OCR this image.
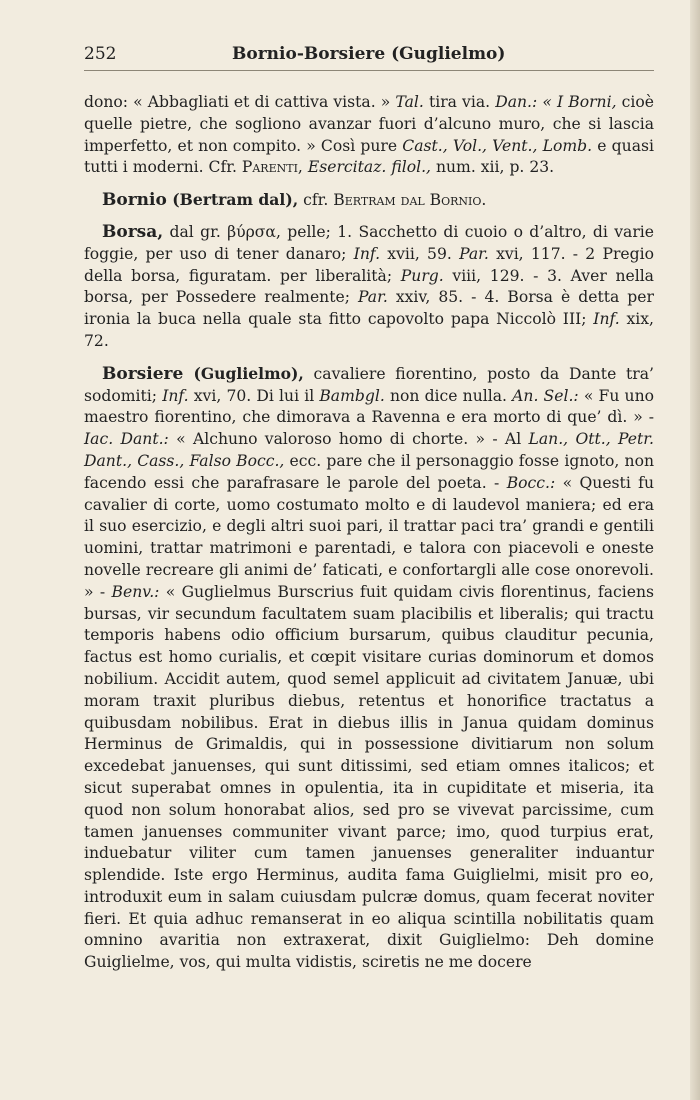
252	Bornio-Borsiere (Guglielmo)

dono: « Abbagliati et di cattiva vista. » Tal. tira via. Dan.: « I Borni, cioè quelle pietre, che sogliono avanzar fuori d’alcuno muro, che si lascia imperfetto, et non compito. » Così pure Cast., Vol., Vent., Lomb. e quasi tutti i moderni. Cfr. Parenti, Esercitaz. filol., num. xii, p. 23.

Bornio (Bertram dal), cfr. Bertram dal Bornio.

Borsa, dal gr. βύρσα, pelle; 1. Sacchetto di cuoio o d’altro, di varie foggie, per uso di tener danaro; Inf. xvii, 59. Par. xvi, 117. - 2 Pregio della borsa, figuratam. per liberalità; Purg. viii, 129. - 3. Aver nella borsa, per Possedere realmente; Par. xxiv, 85. - 4. Borsa è detta per ironia la buca nella quale sta fitto capovolto papa Niccolò III; Inf. xix, 72.

Borsiere (Guglielmo), cavaliere fiorentino, posto da Dante tra’ sodomiti; Inf. xvi, 70. Di lui il Bambgl. non dice nulla. An. Sel.: « Fu uno maestro fiorentino, che dimorava a Ravenna e era morto di que’ dì. » - Iac. Dant.: « Alchuno valoroso homo di chorte. » - Al Lan., Ott., Petr. Dant., Cass., Falso Bocc., ecc. pare che il personaggio fosse ignoto, non facendo essi che parafrasare le parole del poeta. - Bocc.: « Questi fu cavalier di corte, uomo costumato molto e di laudevol maniera; ed era il suo esercizio, e degli altri suoi pari, il trattar paci tra’ grandi e gentili uomini, trattar matrimoni e parentadi, e talora con piacevoli e oneste novelle recreare gli animi de’ faticati, e confortargli alle cose onorevoli. » - Benv.: « Guglielmus Burscrius fuit quidam civis florentinus, faciens bursas, vir secundum facultatem suam placibilis et liberalis; qui tractu temporis habens odio officium bursarum, quibus clauditur pecunia, factus est homo curialis, et cœpit visitare curias dominorum et domos nobilium. Accidit autem, quod semel applicuit ad civitatem Januæ, ubi moram traxit pluribus diebus, retentus et honorifice tractatus a quibusdam nobilibus. Erat in diebus illis in Janua quidam dominus Herminus de Grimaldis, qui in possessione divitiarum non solum excedebat januenses, qui sunt ditissimi, sed etiam omnes italicos; et sicut superabat omnes in opulentia, ita in cupiditate et miseria, ita quod non solum honorabat alios, sed pro se vivevat parcissime, cum tamen januenses communiter vivant parce; imo, quod turpius erat, induebatur viliter cum tamen januenses generaliter induantur splendide. Iste ergo Herminus, audita fama Guiglielmi, misit pro eo, introduxit eum in salam cuiusdam pulcræ domus, quam fecerat noviter fieri. Et quia adhuc remanserat in eo aliqua scintilla nobilitatis quam omnino avaritia non extraxerat, dixit Guiglielmo: Deh domine Guiglielme, vos, qui multa vidistis, sciretis ne me docere
